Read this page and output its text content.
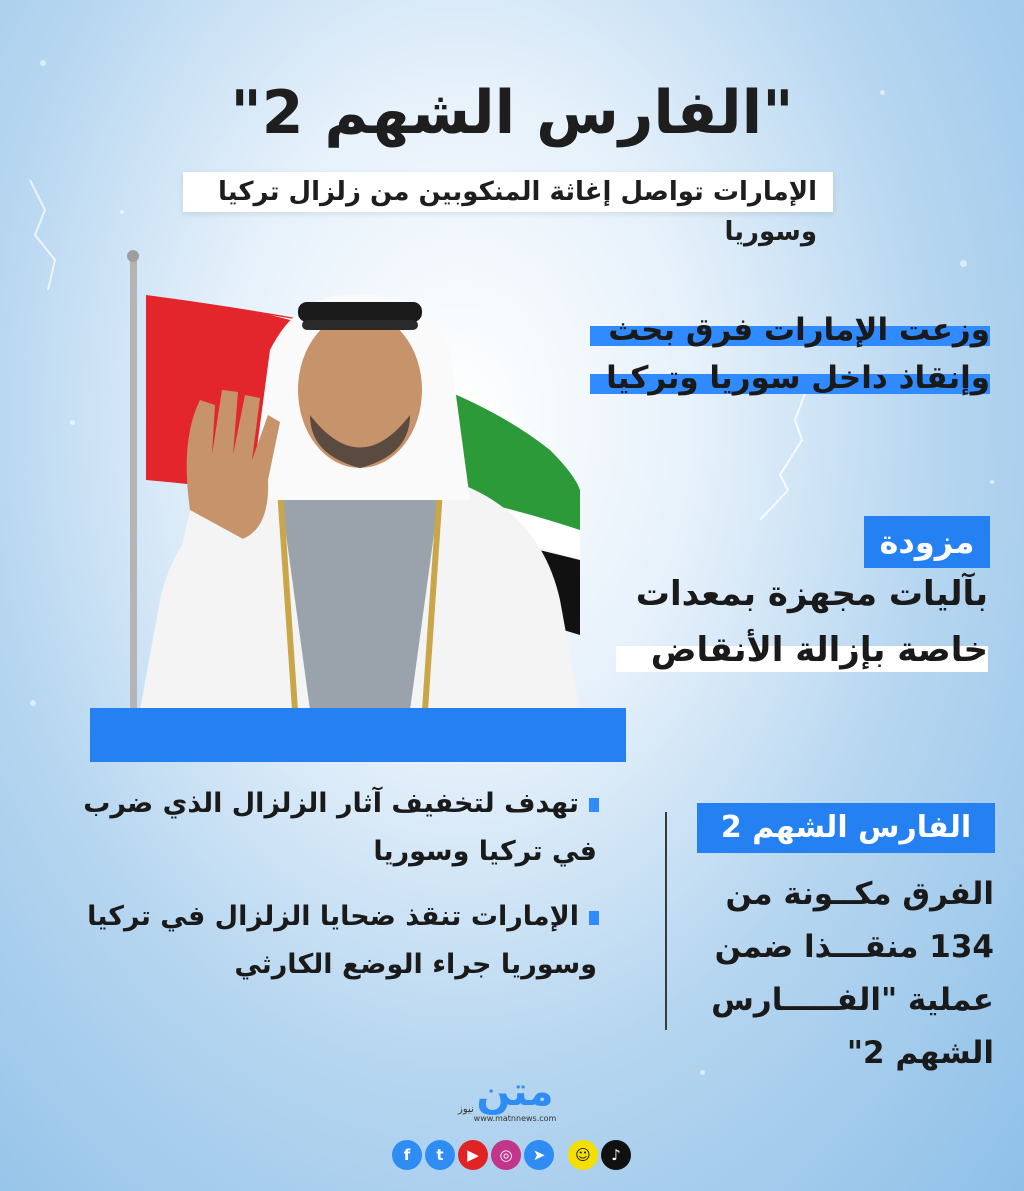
"الفارس الشهم 2"
الإمارات تواصل إغاثة المنكوبين من زلزال تركيا وسوريا
وزعت الإمارات فرق بحث
وإنقاذ داخل سوريا وتركيا
مزودة
بآليات مجهزة بمعدات
خاصة بإزالة الأنقاض
تهدف لتخفيف آثار الزلزال الذي ضرب
في تركيا وسوريا
الإمارات تنقذ ضحايا الزلزال في تركيا
وسوريا جراء الوضع الكارثي
الفارس الشهم 2
الفرق مكــونة من
134 منقـــذا ضمن
عملية "الفـــــارس
الشهم 2"
متن
نيوز
www.matnnews.com
f	t	▶	◎	➤	☺	♪
